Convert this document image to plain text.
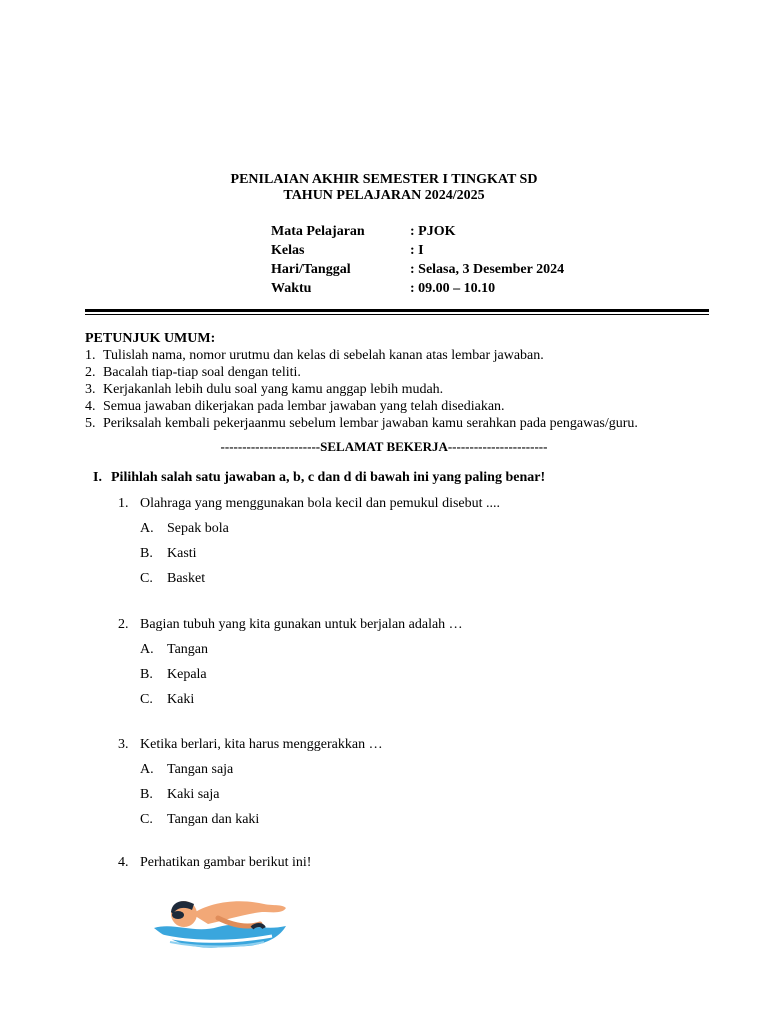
PENILAIAN AKHIR SEMESTER I TINGKAT SD
TAHUN PELAJARAN 2024/2025
Mata Pelajaran	: PJOK
Kelas	: I
Hari/Tanggal	: Selasa, 3 Desember 2024
Waktu	: 09.00 – 10.10
PETUNJUK UMUM:
1. Tulislah nama, nomor urutmu dan kelas di sebelah kanan atas lembar jawaban.
2. Bacalah tiap-tiap soal dengan teliti.
3. Kerjakanlah lebih dulu soal yang kamu anggap lebih mudah.
4. Semua jawaban dikerjakan pada lembar jawaban yang telah disediakan.
5. Periksalah kembali pekerjaanmu sebelum lembar jawaban kamu serahkan pada pengawas/guru.
-----------------------SELAMAT BEKERJA-----------------------
I. Pilihlah salah satu jawaban a, b, c dan d di bawah ini yang paling benar!
1. Olahraga yang menggunakan bola kecil dan pemukul disebut ....
A. Sepak bola
B. Kasti
C. Basket
2. Bagian tubuh yang kita gunakan untuk berjalan adalah …
A. Tangan
B. Kepala
C. Kaki
3. Ketika berlari, kita harus menggerakkan …
A. Tangan saja
B. Kaki saja
C. Tangan dan kaki
4. Perhatikan gambar berikut ini!
